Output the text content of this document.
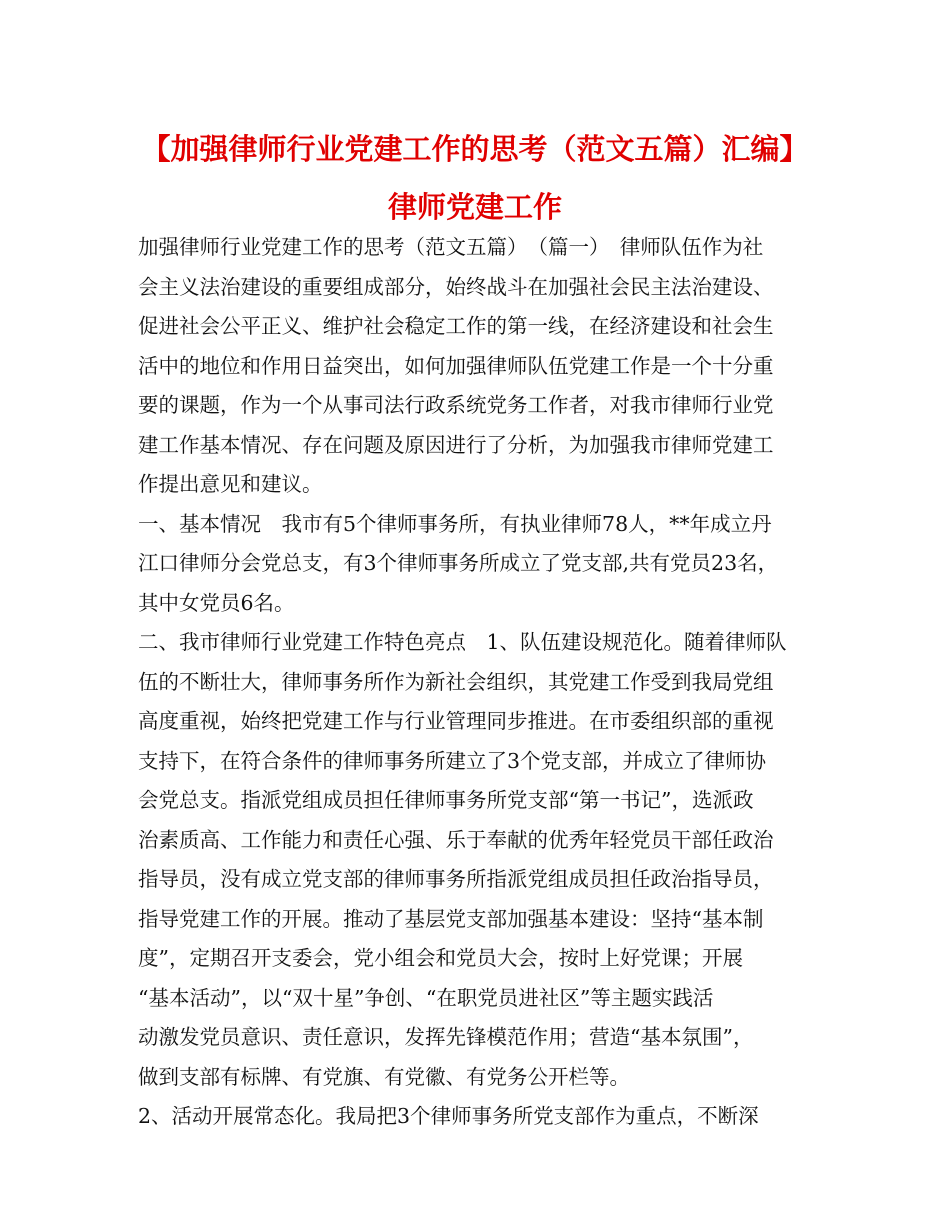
【加强律师行业党建工作的思考（范文五篇）汇编】
律师党建工作
加强律师行业党建工作的思考（范文五篇）　（篇一）　律师队伍作为社
会主义法治建设的重要组成部分，始终战斗在加强社会民主法治建设、
促进社会公平正义、维护社会稳定工作的第一线，在经济建设和社会生
活中的地位和作用日益突出，如何加强律师队伍党建工作是一个十分重
要的课题，作为一个从事司法行政系统党务工作者，对我市律师行业党
建工作基本情况、存在问题及原因进行了分析，为加强我市律师党建工
作提出意见和建议。
一、基本情况　我市有5个律师事务所，有执业律师78人，**年成立丹
江口律师分会党总支，有3个律师事务所成立了党支部,共有党员23名，
其中女党员6名。
二、我市律师行业党建工作特色亮点　1、队伍建设规范化。随着律师队
伍的不断壮大，律师事务所作为新社会组织，其党建工作受到我局党组
高度重视，始终把党建工作与行业管理同步推进。在市委组织部的重视
支持下，在符合条件的律师事务所建立了3个党支部，并成立了律师协
会党总支。指派党组成员担任律师事务所党支部“第一书记”，选派政
治素质高、工作能力和责任心强、乐于奉献的优秀年轻党员干部任政治
指导员，没有成立党支部的律师事务所指派党组成员担任政治指导员，
指导党建工作的开展。推动了基层党支部加强基本建设：坚持“基本制
度”，定期召开支委会，党小组会和党员大会，按时上好党课；开展
“基本活动”，以“双十星”争创、“在职党员进社区”等主题实践活
动激发党员意识、责任意识，发挥先锋模范作用；营造“基本氛围”，
做到支部有标牌、有党旗、有党徽、有党务公开栏等。
2、活动开展常态化。我局把3个律师事务所党支部作为重点，不断深
